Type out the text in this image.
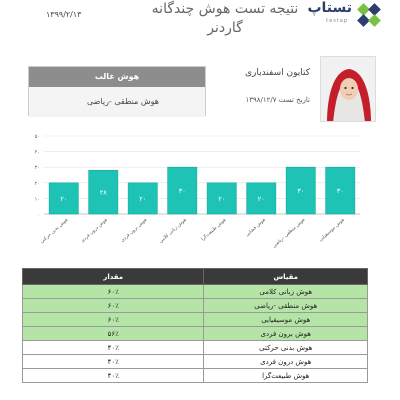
۱۳۹۹/۲/۱۳	نتیجه تست هوش چندگانه
گاردنر
تستاپ
testap
کتایون اسفندیاری
تاریخ تست ۱۳۹۸/۱۲/۷
هوش غالب
هوش منطقی -ریاضی
۰
۱۰
۲۰
۳۰
۴۰
۵۰
۲۰
هوش بدنی حرکتی
۲۸
هوش درون فردی
۲۰
هوش برون فردی
۳۰
هوش زبانی کلامی
۲۰
هوش طبیعت‌گرا
۲۰
هوش فضایی
۳۰
هوش منطقی -ریاضی
۳۰
هوش موسیقیایی
مقیاس	مقدار
هوش زبانی کلامی	۶۰٪
هوش منطقی -ریاضی	۶۰٪
هوش موسیقیایی	۶۰٪
هوش برون فردی	۵۶٪
هوش بدنی حرکتی	۴۰٪
هوش درون فردی	۴۰٪
هوش طبیعت‌گرا	۴۰٪
